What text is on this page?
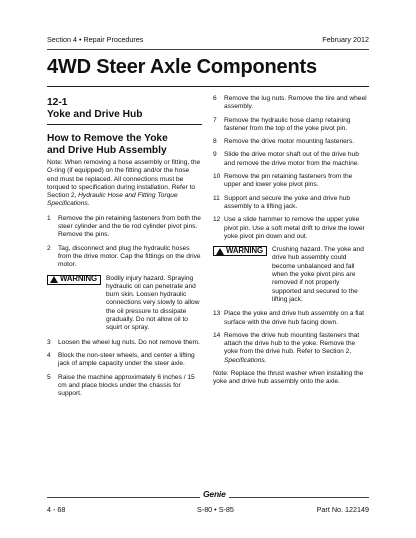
Section 4 • Repair Procedures	February 2012
4WD Steer Axle Components
12-1
Yoke and Drive Hub
How to Remove the Yoke
and Drive Hub Assembly
Note: When removing a hose assembly or fitting, the O-ring (if equipped) on the fitting and/or the hose end must be replaced. All connections must be torqued to specification during installation. Refer to Section 2, Hydraulic Hose and Fitting Torque Specifications.
1	Remove the pin retaining fasteners from both the steer cylinder and the tie rod cylinder pivot pins. Remove the pins.
2	Tag, disconnect and plug the hydraulic hoses from the drive motor. Cap the fittings on the drive motor.
WARNING Bodily injury hazard. Spraying hydraulic oil can penetrate and burn skin. Loosen hydraulic connections very slowly to allow the oil pressure to dissipate gradually. Do not allow oil to squirt or spray.
3	Loosen the wheel lug nuts. Do not remove them.
4	Block the non-steer wheels, and center a lifting jack of ample capacity under the steer axle.
5	Raise the machine approximately 6 inches / 15 cm and place blocks under the chassis for support.
6	Remove the lug nuts. Remove the tire and wheel assembly.
7	Remove the hydraulic hose clamp retaining fastener from the top of the yoke pivot pin.
8	Remove the drive motor mounting fasteners.
9	Slide the drive motor shaft out of the drive hub and remove the drive motor from the machine.
10 Remove the pin retaining fasteners from the upper and lower yoke pivot pins.
11 Support and secure the yoke and drive hub assembly to a lifting jack.
12 Use a slide hammer to remove the upper yoke pivot pin. Use a soft metal drift to drive the lower yoke pivot pin down and out.
WARNING Crushing hazard. The yoke and drive hub assembly could become unbalanced and fall when the yoke pivot pins are removed if not properly supported and secured to the lifting jack.
13 Place the yoke and drive hub assembly on a flat surface with the drive hub facing down.
14 Remove the drive hub mounting fasteners that attach the drive hub to the yoke. Remove the yoke from the drive hub. Refer to Section 2, Specifications.
Note: Replace the thrust washer when installing the yoke and drive hub assembly onto the axle.
Genie
4 - 68	S-80 • S-85	Part No. 122149
